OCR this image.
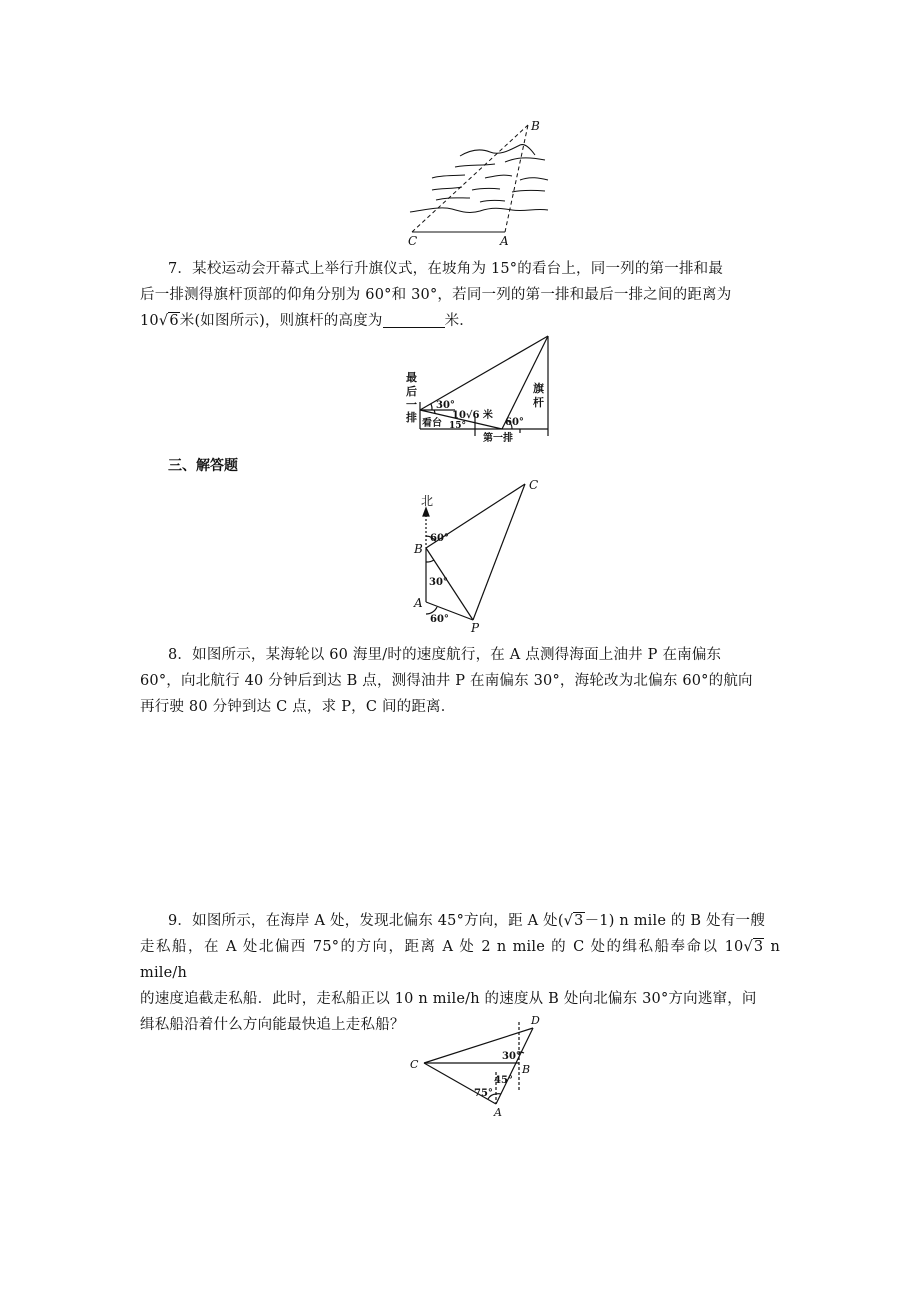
B
C	A
7．某校运动会开幕式上举行升旗仪式，在坡角为 15°的看台上，同一列的第一排和最
后一排测得旗杆顶部的仰角分别为 60°和 30°，若同一列的第一排和最后一排之间的距离为
10√6米(如图所示)，则旗杆的高度为	米．
最
后
一
排
旗
杆
30°
10√6 米
看台 15°	60°
第一排
三、解答题
北
C
B
A
P
60°
30°
60°
8．如图所示，某海轮以 60 海里/时的速度航行，在 A 点测得海面上油井 P 在南偏东
60°，向北航行 40 分钟后到达 B 点，测得油井 P 在南偏东 30°，海轮改为北偏东 60°的航向
再行驶 80 分钟到达 C 点，求 P，C 间的距离．
9．如图所示，在海岸 A 处，发现北偏东 45°方向，距 A 处(√3－1) n mile 的 B 处有一艘
走私船，在 A 处北偏西 75°的方向，距离 A 处 2 n mile 的 C 处的缉私船奉命以 10√3 n mile/h
的速度追截走私船．此时，走私船正以 10 n mile/h 的速度从 B 处向北偏东 30°方向逃窜，问
缉私船沿着什么方向能最快追上走私船？	D
C	B
A
30°
45°
75°
